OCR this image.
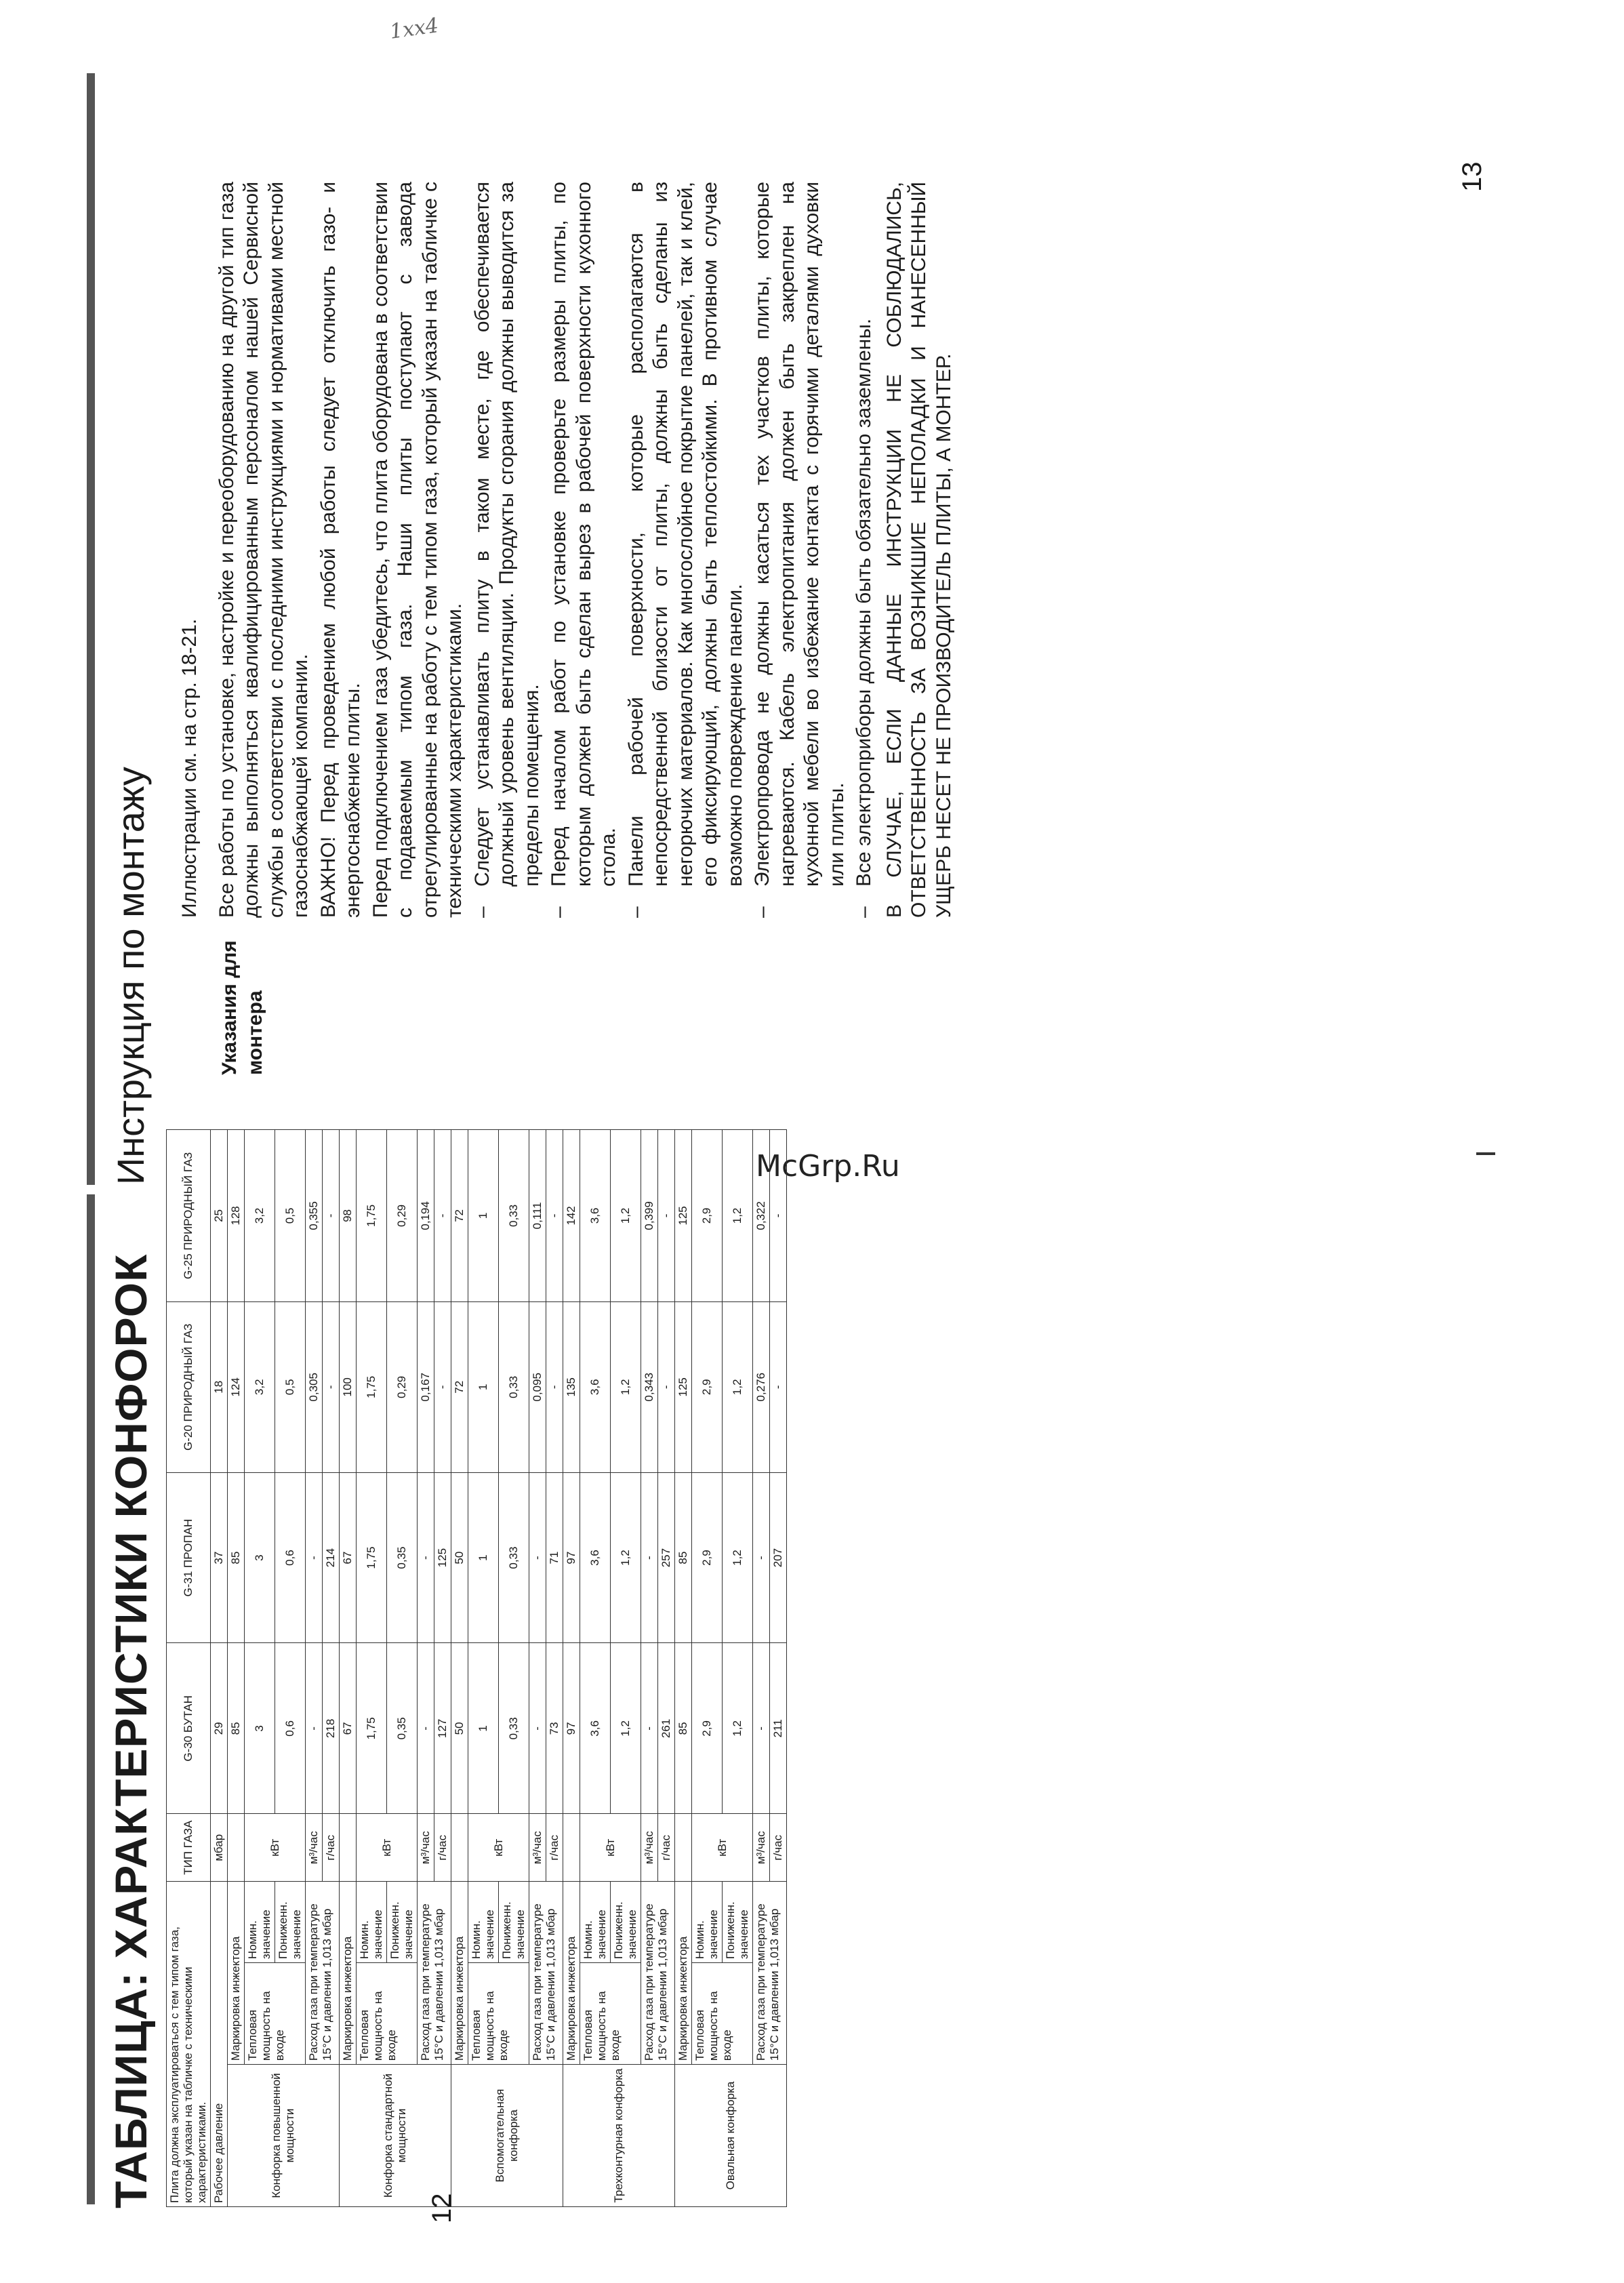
1хх4
McGrp.Ru
12
ТАБЛИЦА: ХАРАКТЕРИСТИКИ КОНФОРОК Плита должна эксплуатироваться с тем типом газа, который указан на табличке с техническими характеристиками.			ТИП ГАЗА	G-30 БУТАН	G-31 ПРОПАН	G-20 ПРИРОДНЫЙ ГАЗ	G-25 ПРИРОДНЫЙ ГАЗ
Рабочее давление			мбар	29	37	18	25
Конфорка повышенной мощности	Маркировка инжектора			85	85	124	128
	Тепловая мощность на входе	Номин. значение	кВт	3	3	3,2	3,2
		Пониженн. значение		0,6	0,6	0,5	0,5
	Расход газа при температуре 15°С и давлении 1,013 мбар		м³/час	-	-	0,305	0,355
			г/час	218	214	-	-
Конфорка стандартной мощности	Маркировка инжектора			67	67	100	98
	Тепловая мощность на входе	Номин. значение	кВт	1,75	1,75	1,75	1,75
		Пониженн. значение		0,35	0,35	0,29	0,29
	Расход газа при температуре 15°С и давлении 1,013 мбар		м³/час	-	-	0,167	0,194
			г/час	127	125	-	-
Вспомогательная конфорка	Маркировка инжектора			50	50	72	72
	Тепловая мощность на входе	Номин. значение	кВт	1	1	1	1
		Пониженн. значение		0,33	0,33	0,33	0,33
	Расход газа при температуре 15°С и давлении 1,013 мбар		м³/час	-	-	0,095	0,111
			г/час	73	71	-	-
Трехконтурная конфорка	Маркировка инжектора			97	97	135	142
	Тепловая мощность на входе	Номин. значение	кВт	3,6	3,6	3,6	3,6
		Пониженн. значение		1,2	1,2	1,2	1,2
	Расход газа при температуре 15°С и давлении 1,013 мбар		м³/час	-	-	0,343	0,399
			г/час	261	257	-	-
Овальная конфорка	Маркировка инжектора			85	85	125	125
	Тепловая мощность на входе	Номин. значение	кВт	2,9	2,9	2,9	2,9
		Пониженн. значение		1,2	1,2	1,2	1,2
	Расход газа при температуре 15°С и давлении 1,013 мбар		м³/час	-	-	0,276	0,322
			г/час	211	207	-	-
Инструкция по монтажу	Указания для монтера

Иллюстрации см. на стр. 18-21. Все работы по установке, настройке и переоборудованию на другой тип газа должны выполняться квалифицированным персоналом нашей Сервисной службы в соответствии с последними инструкциями и нормативами местной газоснабжающей компании. ВАЖНО! Перед проведением любой работы следует отключить газо- и энергоснабжение плиты. Перед подключением газа убедитесь, что плита оборудована в соответствии с подаваемым типом газа. Наши плиты поступают с завода отрегулированные на работу с тем типом газа, который указан на табличке с техническими характеристиками. – Следует устанавливать плиту в таком месте, где обеспечивается должный уровень вентиляции. Продукты сгорания должны выводится за пределы помещения. – Перед началом работ по установке проверьте размеры плиты, по которым должен быть сделан вырез в рабочей поверхности кухонного стола. – Панели рабочей поверхности, которые располагаются в непосредственной близости от плиты, должны быть сделаны из негорючих материалов. Как многослойное покрытие панелей, так и клей, его фиксирующий, должны быть теплостойкими. В противном случае возможно повреждение панели. – Электропровода не должны касаться тех участков плиты, которые нагреваются. Кабель электропитания должен быть закреплен на кухонной мебели во избежание контакта с горячими деталями духовки или плиты. – Все электроприборы должны быть обязательно заземлены. В СЛУЧАЕ, ЕСЛИ ДАННЫЕ ИНСТРУКЦИИ НЕ СОБЛЮДАЛИСЬ, ОТВЕТСТВЕННОСТЬ ЗА ВОЗНИКШИЕ НЕПОЛАДКИ И НАНЕСЕННЫЙ УЩЕРБ НЕСЕТ НЕ ПРОИЗВОДИТЕЛЬ ПЛИТЫ, А МОНТЕР.

13
